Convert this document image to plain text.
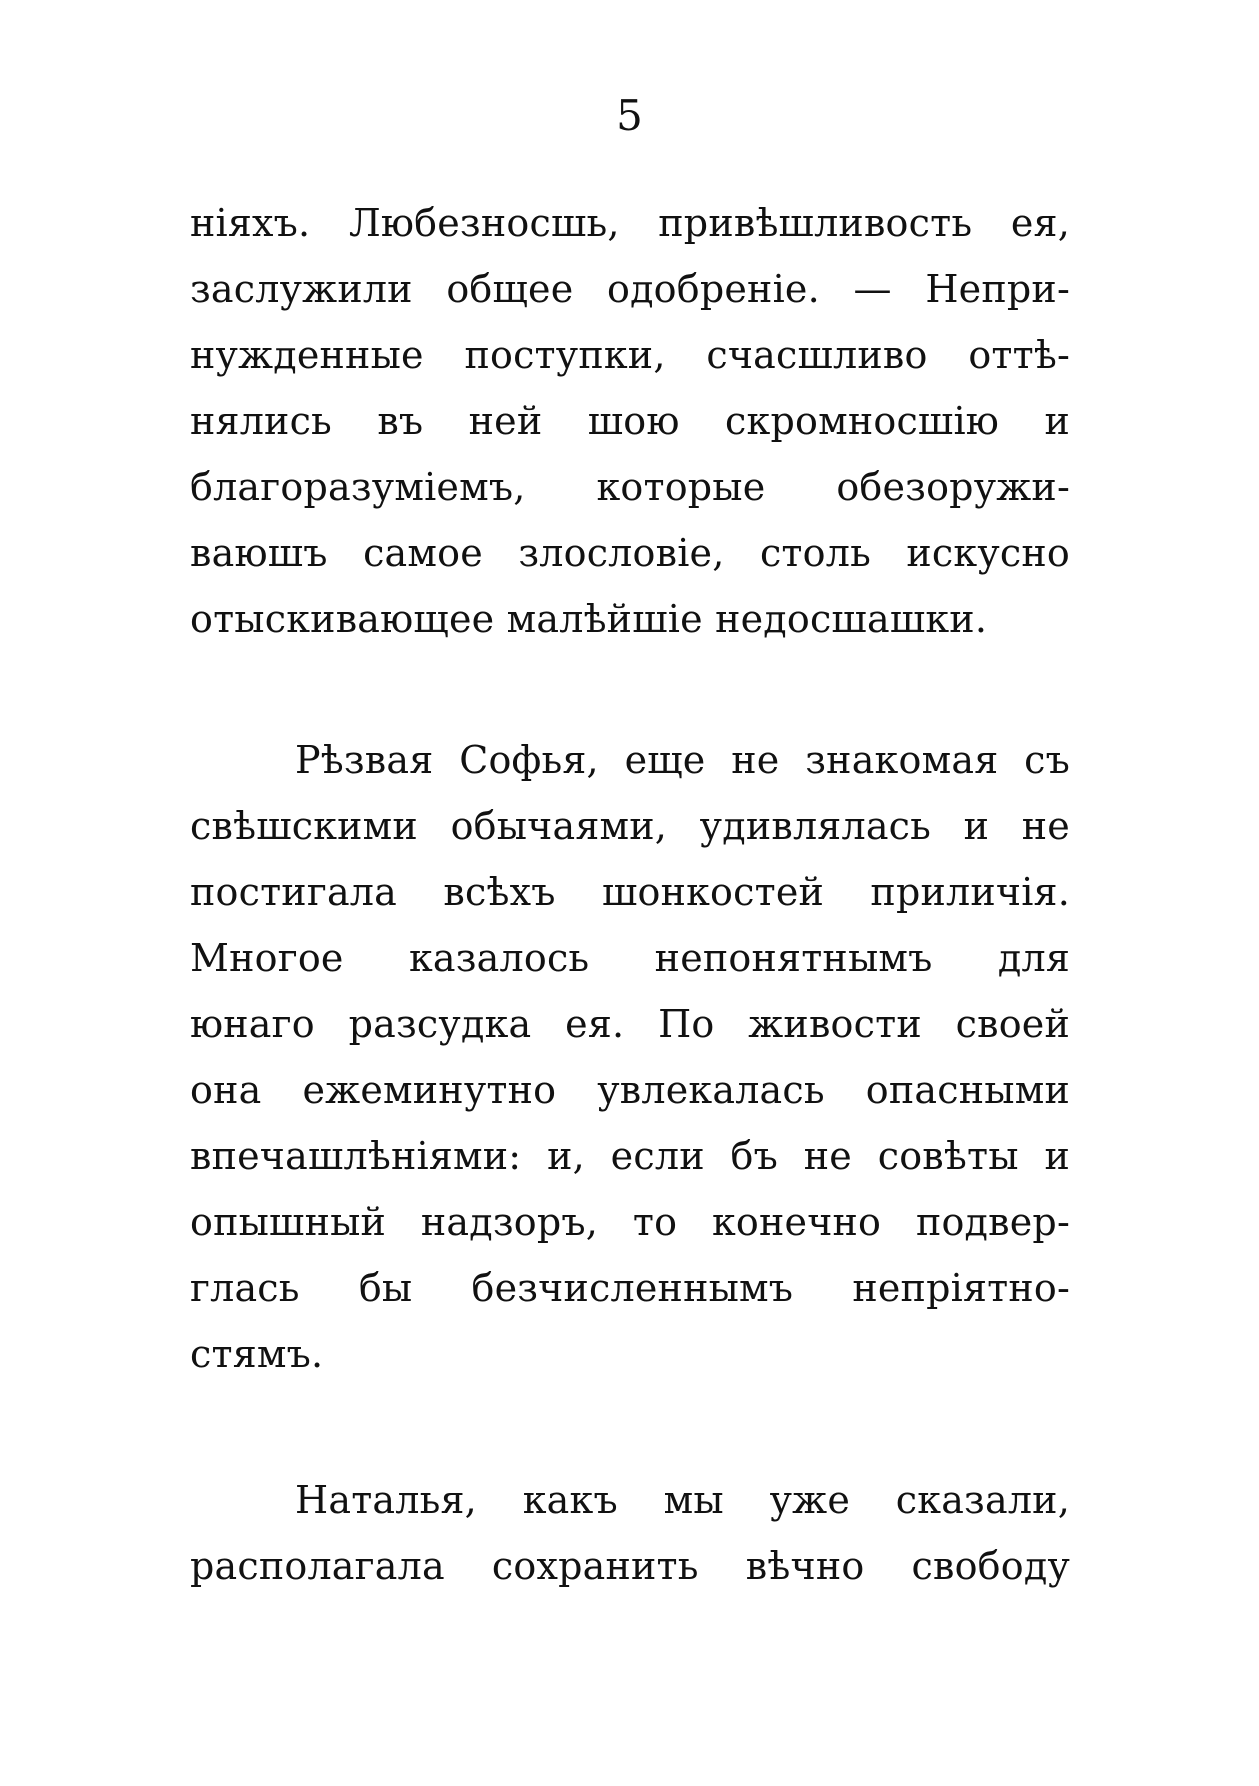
5
ніяхъ. Любезносшь, привѣшливость ея,
заслужили общее одобреніе. — Непри-
нужденные поступки, счасшливо оттѣ-
нялись въ ней шою скромносшію и
благоразуміемъ, которые обезоружи-
ваюшъ самое злословіе, столь искусно
отыскивающее малѣйшіе недосшашки.
Рѣзвая Софья, еще не знакомая съ
свѣшскими обычаями, удивлялась и не
постигала всѣхъ шонкостей приличія.
Многое казалось непонятнымъ для
юнаго разсудка ея. По живости своей
она ежеминутно увлекалась опасными
впечашлѣніями: и, если бъ не совѣты и
опышный надзоръ, то конечно подвер-
глась бы безчисленнымъ непріятно-
стямъ.
Наталья, какъ мы уже сказали,
располагала сохранить вѣчно свободу
